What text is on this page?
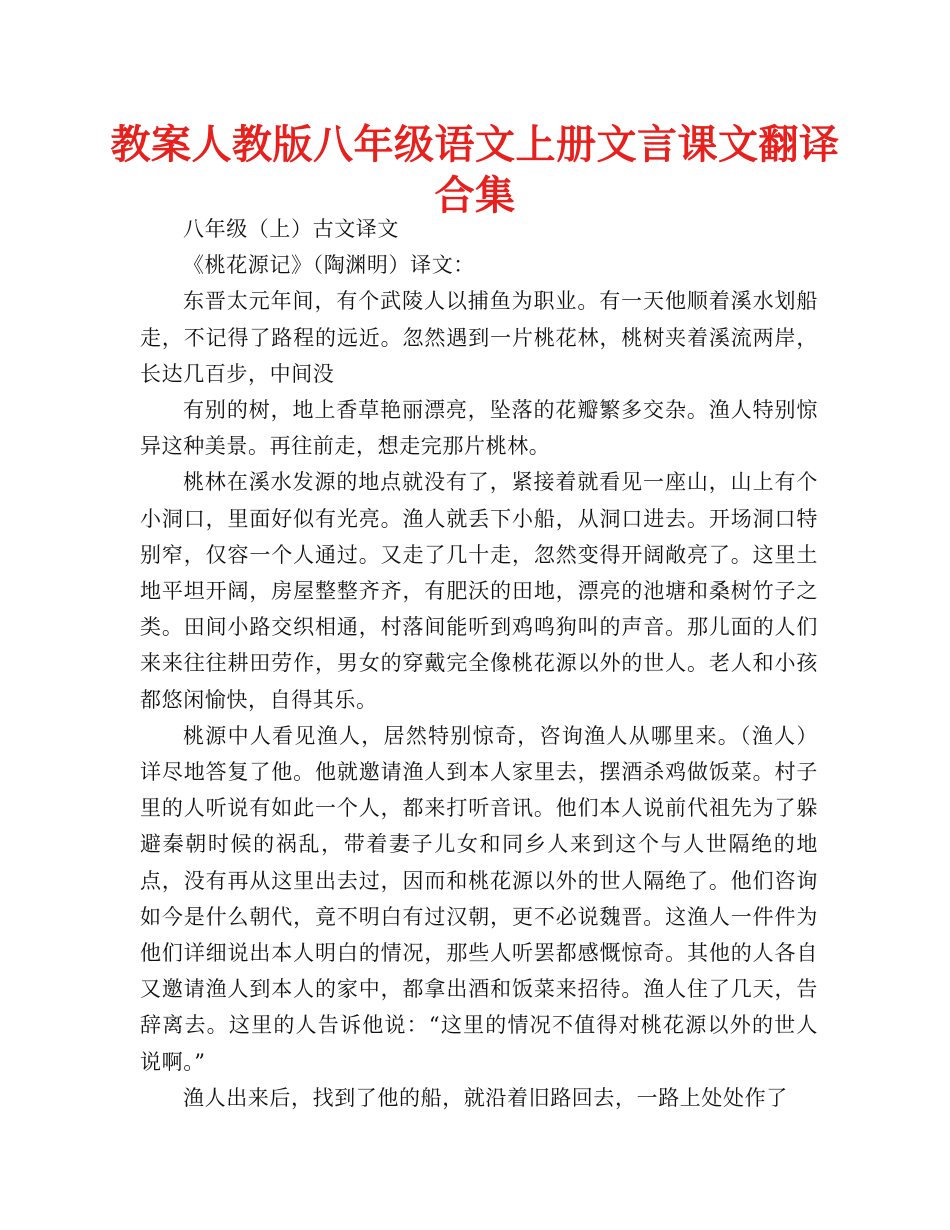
教案人教版八年级语文上册文言课文翻译合集

八年级（上）古文译文

《桃花源记》（陶渊明）译文：

东晋太元年间，有个武陵人以捕鱼为职业。有一天他顺着溪水划船走，不记得了路程的远近。忽然遇到一片桃花林，桃树夹着溪流两岸，长达几百步，中间没

有别的树，地上香草艳丽漂亮，坠落的花瓣繁多交杂。渔人特别惊异这种美景。再往前走，想走完那片桃林。

桃林在溪水发源的地点就没有了，紧接着就看见一座山，山上有个小洞口，里面好似有光亮。渔人就丢下小船，从洞口进去。开场洞口特别窄，仅容一个人通过。又走了几十走，忽然变得开阔敞亮了。这里土地平坦开阔，房屋整整齐齐，有肥沃的田地，漂亮的池塘和桑树竹子之类。田间小路交织相通，村落间能听到鸡鸣狗叫的声音。那儿面的人们来来往往耕田劳作，男女的穿戴完全像桃花源以外的世人。老人和小孩都悠闲愉快，自得其乐。

桃源中人看见渔人，居然特别惊奇，咨询渔人从哪里来。（渔人）详尽地答复了他。他就邀请渔人到本人家里去，摆酒杀鸡做饭菜。村子里的人听说有如此一个人，都来打听音讯。他们本人说前代祖先为了躲避秦朝时候的祸乱，带着妻子儿女和同乡人来到这个与人世隔绝的地点，没有再从这里出去过，因而和桃花源以外的世人隔绝了。他们咨询如今是什么朝代，竟不明白有过汉朝，更不必说魏晋。这渔人一件件为他们详细说出本人明白的情况，那些人听罢都感慨惊奇。其他的人各自又邀请渔人到本人的家中，都拿出酒和饭菜来招待。渔人住了几天，告辞离去。这里的人告诉他说：“这里的情况不值得对桃花源以外的世人说啊。”

渔人出来后，找到了他的船，就沿着旧路回去，一路上处处作了
